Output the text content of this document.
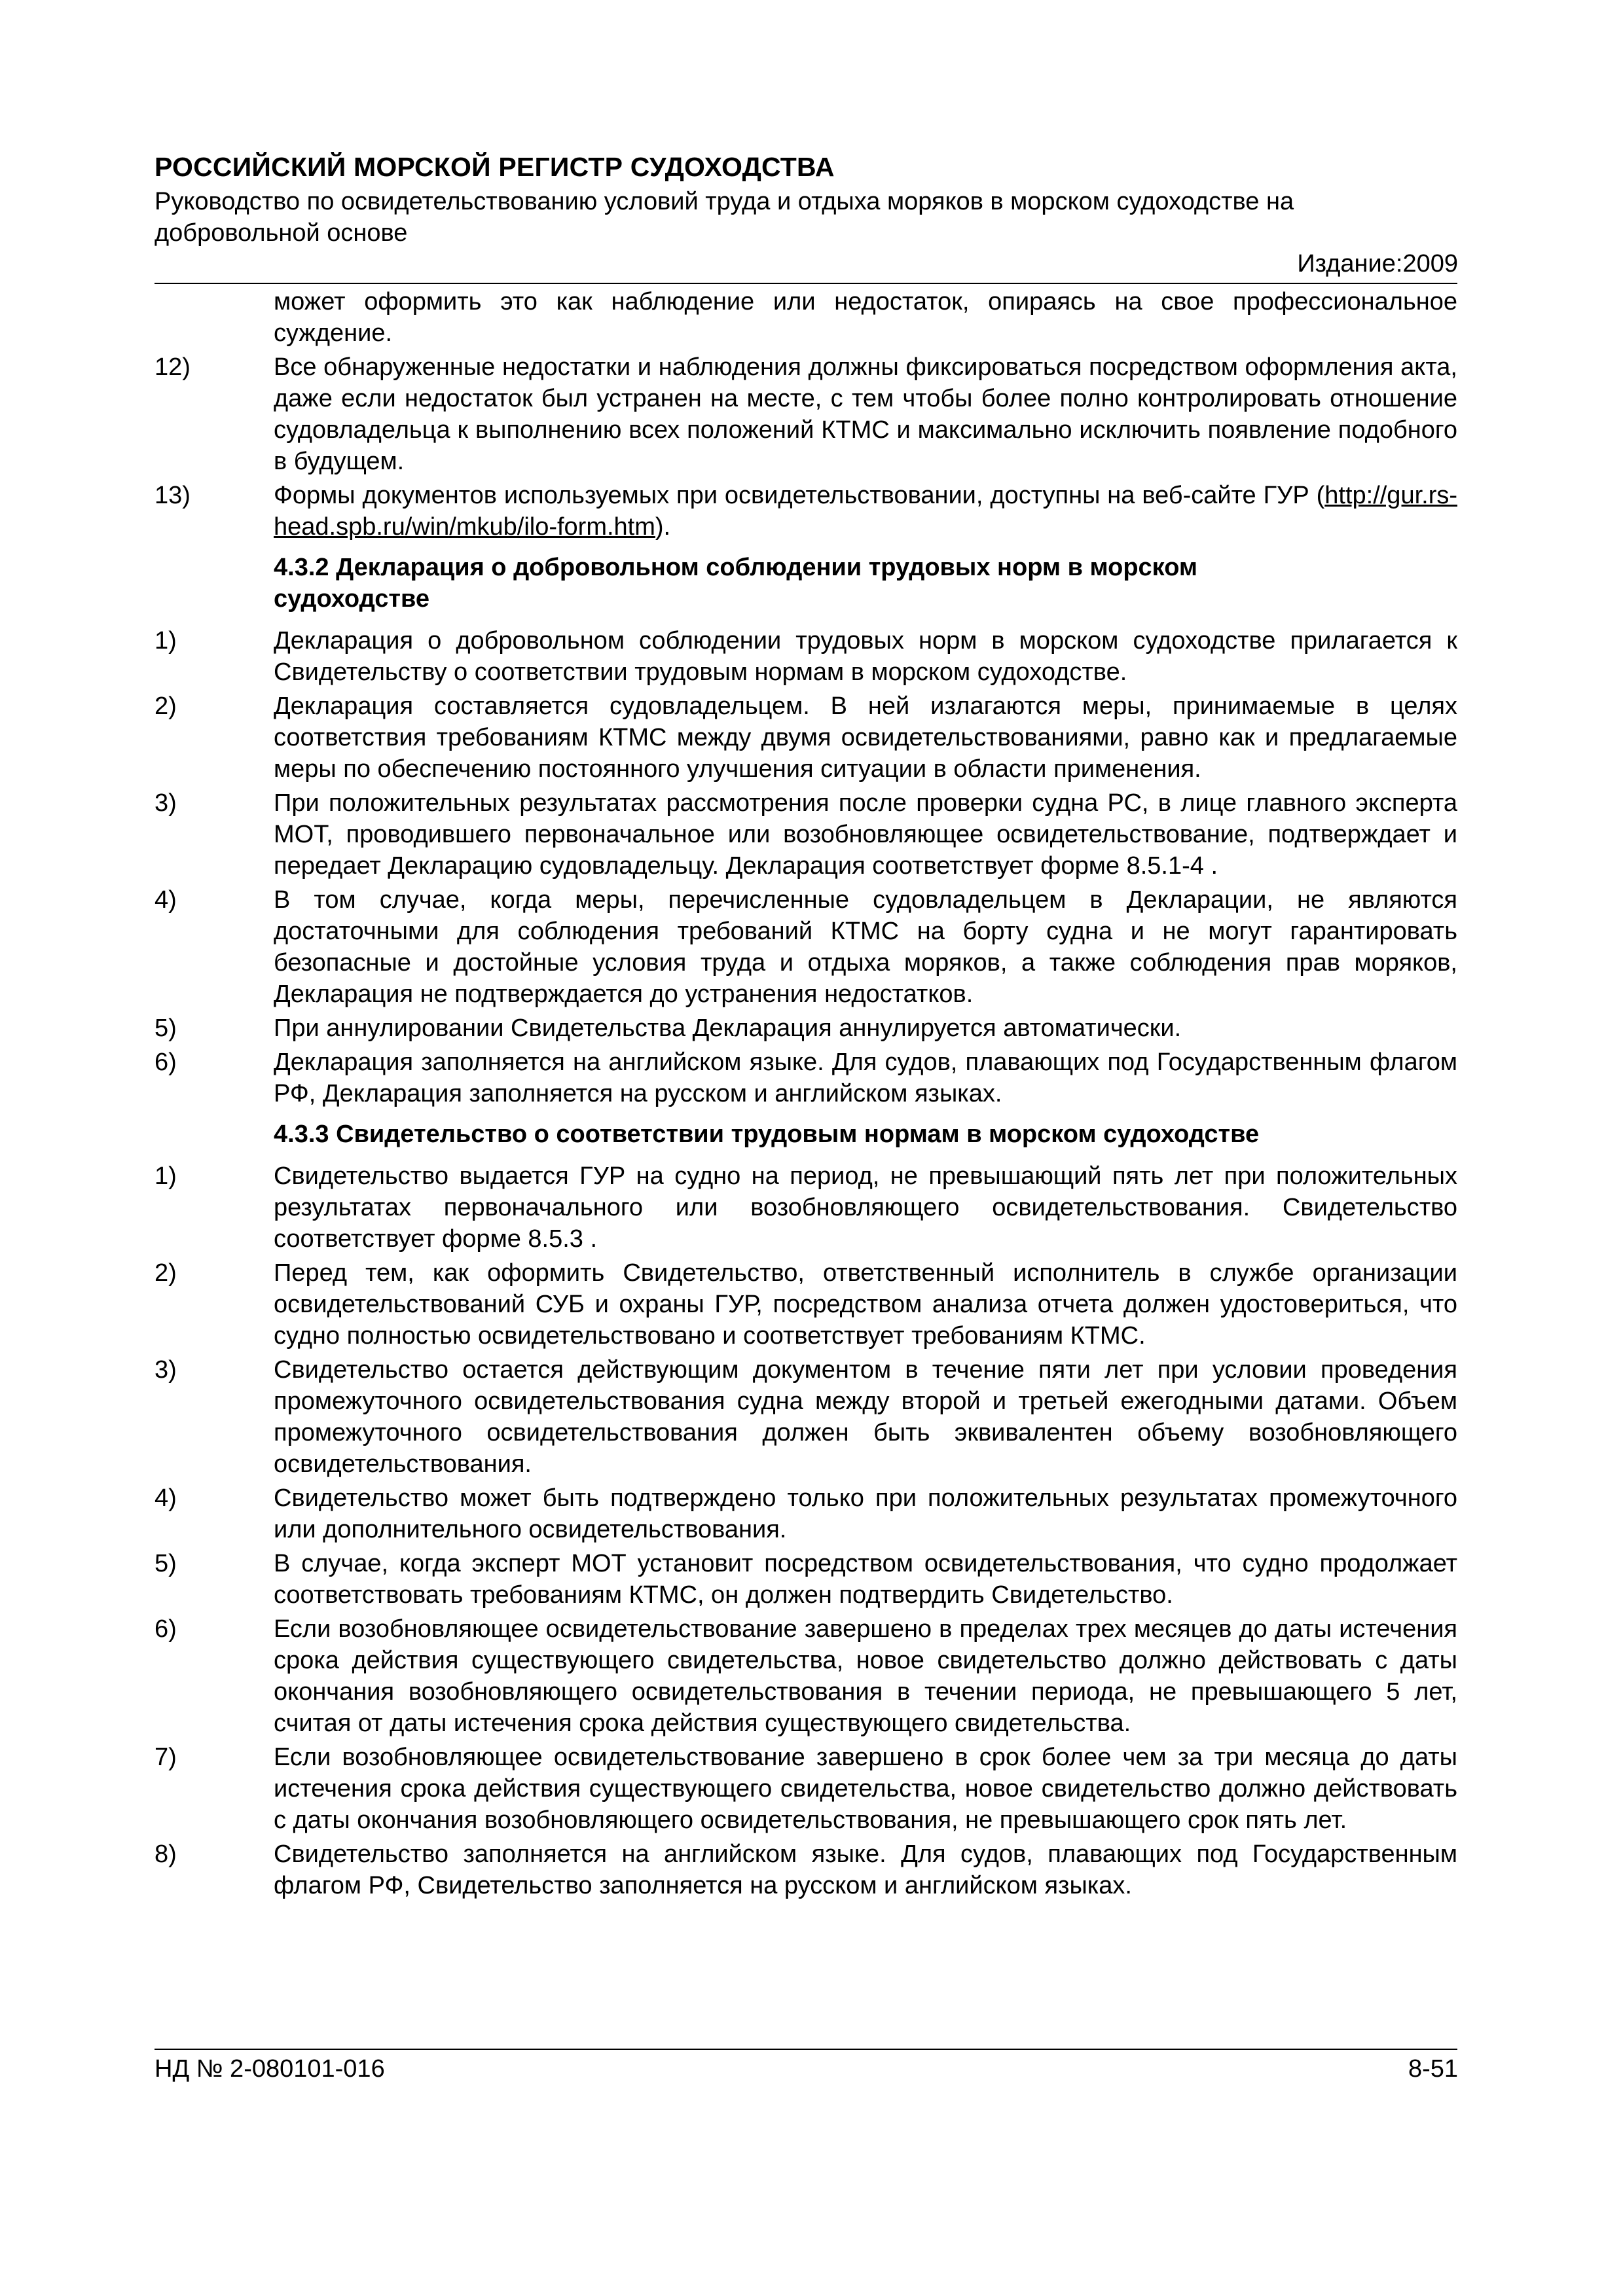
РОССИЙСКИЙ МОРСКОЙ РЕГИСТР СУДОХОДСТВА
Руководство по освидетельствованию условий труда и отдыха моряков в морском судоходстве на добровольной основе
Издание:2009
может оформить это как наблюдение или недостаток, опираясь на свое профессиональное суждение.
12)	Все обнаруженные недостатки и наблюдения должны фиксироваться посредством оформления акта, даже если недостаток был устранен на месте, с тем чтобы более полно контролировать отношение судовладельца к выполнению всех положений КТМС и максимально исключить появление подобного в будущем.
13)	Формы документов используемых при освидетельствовании, доступны на веб-сайте ГУР (http://gur.rs-head.spb.ru/win/mkub/ilo-form.htm).
4.3.2 Декларация о добровольном соблюдении трудовых норм в морском судоходстве
1)	Декларация о добровольном соблюдении трудовых норм в морском судоходстве прилагается к Свидетельству о соответствии трудовым нормам в морском судоходстве.
2)	Декларация составляется судовладельцем. В ней излагаются меры, принимаемые в целях соответствия требованиям КТМС между двумя освидетельствованиями, равно как и предлагаемые меры по обеспечению постоянного улучшения ситуации в области применения.
3)	При положительных результатах рассмотрения после проверки судна РС, в лице главного эксперта МОТ, проводившего первоначальное или возобновляющее освидетельствование, подтверждает и передает Декларацию судовладельцу. Декларация соответствует форме 8.5.1-4 .
4)	В том случае, когда меры, перечисленные судовладельцем в Декларации, не являются достаточными для соблюдения требований КТМС на борту судна и не могут гарантировать безопасные и достойные условия труда и отдыха моряков, а также соблюдения прав моряков, Декларация не подтверждается до устранения недостатков.
5)	При аннулировании Свидетельства Декларация аннулируется автоматически.
6)	Декларация заполняется на английском языке. Для судов, плавающих под Государственным флагом РФ, Декларация заполняется на русском и английском языках.
4.3.3 Свидетельство о соответствии трудовым нормам в морском судоходстве
1)	Свидетельство выдается ГУР на судно на период, не превышающий пять лет при положительных результатах первоначального или возобновляющего освидетельствования. Свидетельство соответствует форме 8.5.3 .
2)	Перед тем, как оформить Свидетельство, ответственный исполнитель в службе организации освидетельствований СУБ и охраны ГУР, посредством анализа отчета должен удостовериться, что судно полностью освидетельствовано и соответствует требованиям КТМС.
3)	Свидетельство остается действующим документом в течение пяти лет при условии проведения промежуточного освидетельствования судна между второй и третьей ежегодными датами. Объем промежуточного освидетельствования должен быть эквивалентен объему возобновляющего освидетельствования.
4)	Свидетельство может быть подтверждено только при положительных результатах промежуточного или дополнительного освидетельствования.
5)	В случае, когда эксперт МОТ установит посредством освидетельствования, что судно продолжает соответствовать требованиям КТМС, он должен подтвердить Свидетельство.
6)	Если возобновляющее освидетельствование завершено в пределах трех месяцев до даты истечения срока действия существующего свидетельства, новое свидетельство должно действовать с даты окончания возобновляющего освидетельствования в течении периода, не превышающего 5 лет, считая от даты истечения срока действия существующего свидетельства.
7)	Если возобновляющее освидетельствование завершено в срок более чем за три месяца до даты истечения срока действия существующего свидетельства, новое свидетельство должно действовать с даты окончания возобновляющего освидетельствования, не превышающего срок пять лет.
8)	Свидетельство заполняется на английском языке. Для судов, плавающих под Государственным флагом РФ, Свидетельство заполняется на русском и английском языках.
НД № 2-080101-016	8-51
